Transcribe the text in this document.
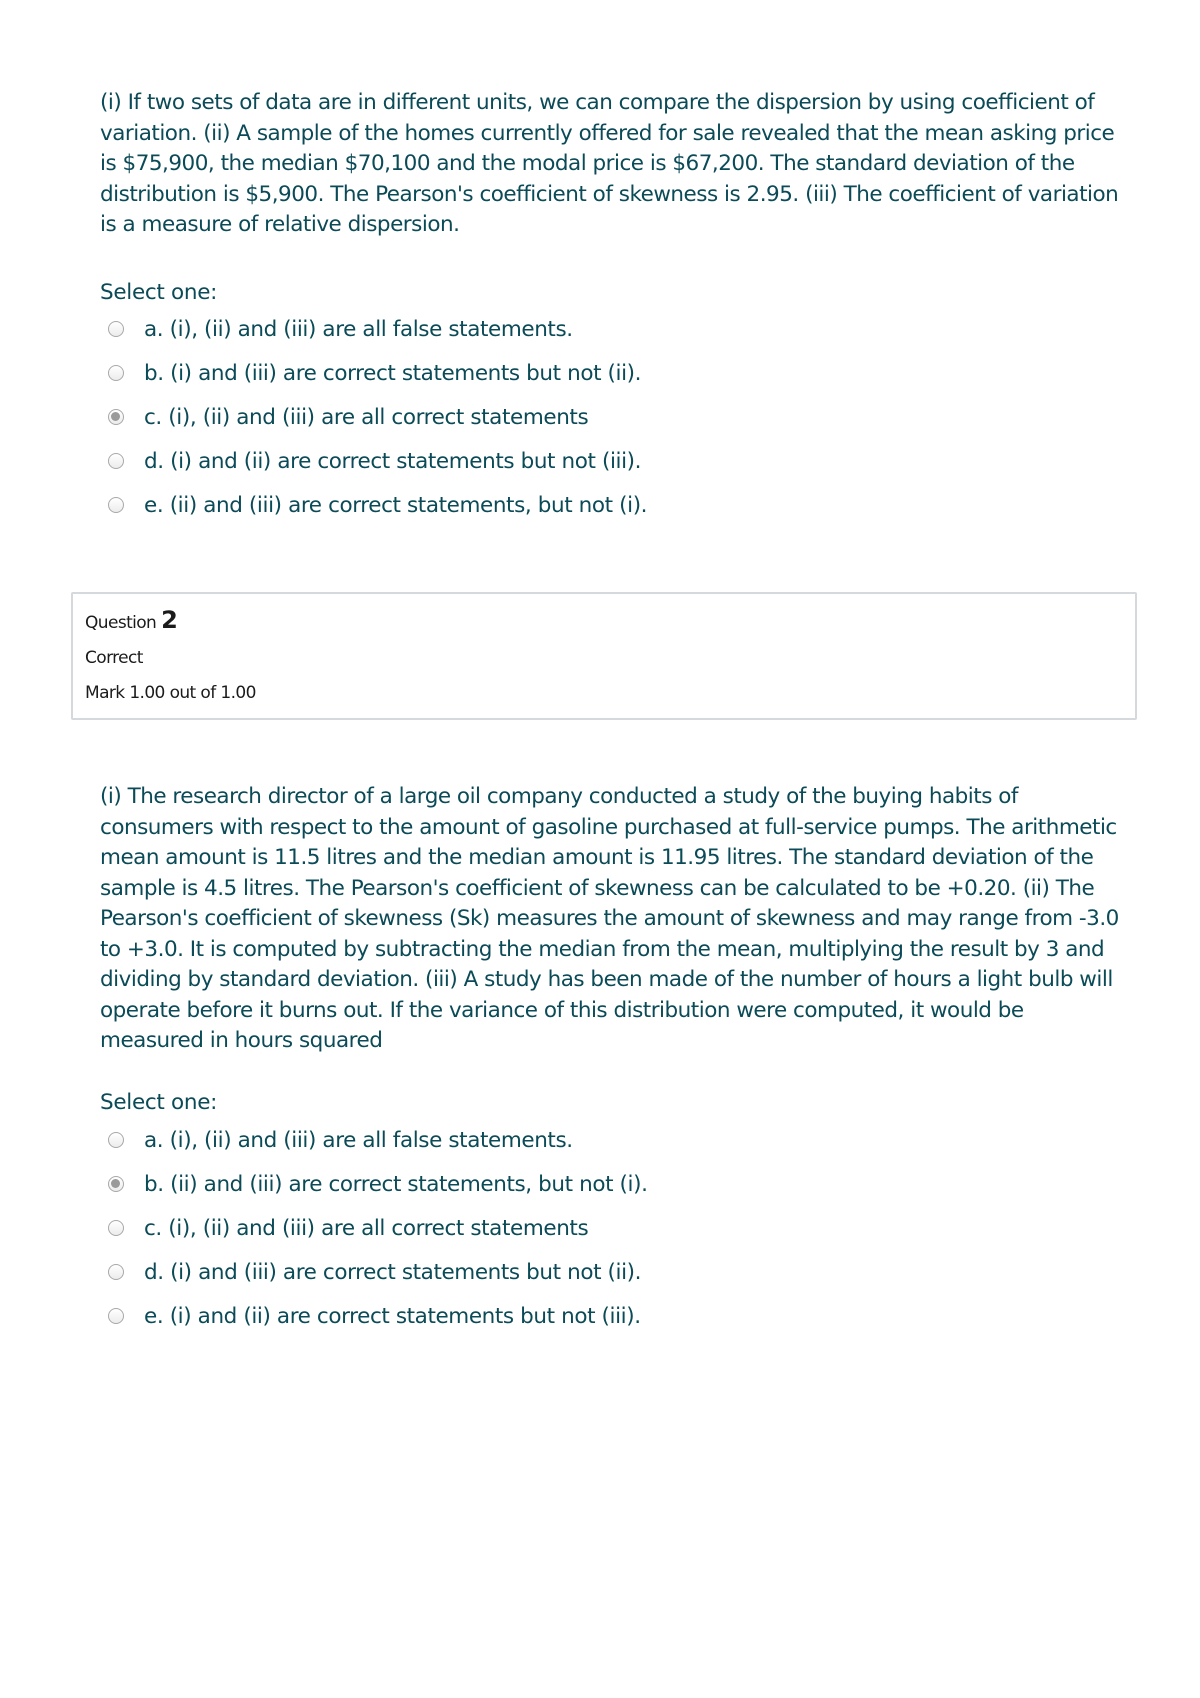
(i) If two sets of data are in different units, we can compare the dispersion by using coefficient of variation. (ii) A sample of the homes currently offered for sale revealed that the mean asking price is $75,900, the median $70,100 and the modal price is $67,200. The standard deviation of the distribution is $5,900. The Pearson's coefficient of skewness is 2.95. (iii) The coefficient of variation is a measure of relative dispersion.
Select one:
a. (i), (ii) and (iii) are all false statements.
b. (i) and (iii) are correct statements but not (ii).
c. (i), (ii) and (iii) are all correct statements
d. (i) and (ii) are correct statements but not (iii).
e. (ii) and (iii) are correct statements, but not (i).
Question 2
Correct
Mark 1.00 out of 1.00
(i) The research director of a large oil company conducted a study of the buying habits of consumers with respect to the amount of gasoline purchased at full-service pumps. The arithmetic mean amount is 11.5 litres and the median amount is 11.95 litres. The standard deviation of the sample is 4.5 litres. The Pearson's coefficient of skewness can be calculated to be +0.20. (ii) The Pearson's coefficient of skewness (Sk) measures the amount of skewness and may range from -3.0 to +3.0. It is computed by subtracting the median from the mean, multiplying the result by 3 and dividing by standard deviation. (iii) A study has been made of the number of hours a light bulb will operate before it burns out. If the variance of this distribution were computed, it would be measured in hours squared
Select one:
a. (i), (ii) and (iii) are all false statements.
b. (ii) and (iii) are correct statements, but not (i).
c. (i), (ii) and (iii) are all correct statements
d. (i) and (iii) are correct statements but not (ii).
e. (i) and (ii) are correct statements but not (iii).
